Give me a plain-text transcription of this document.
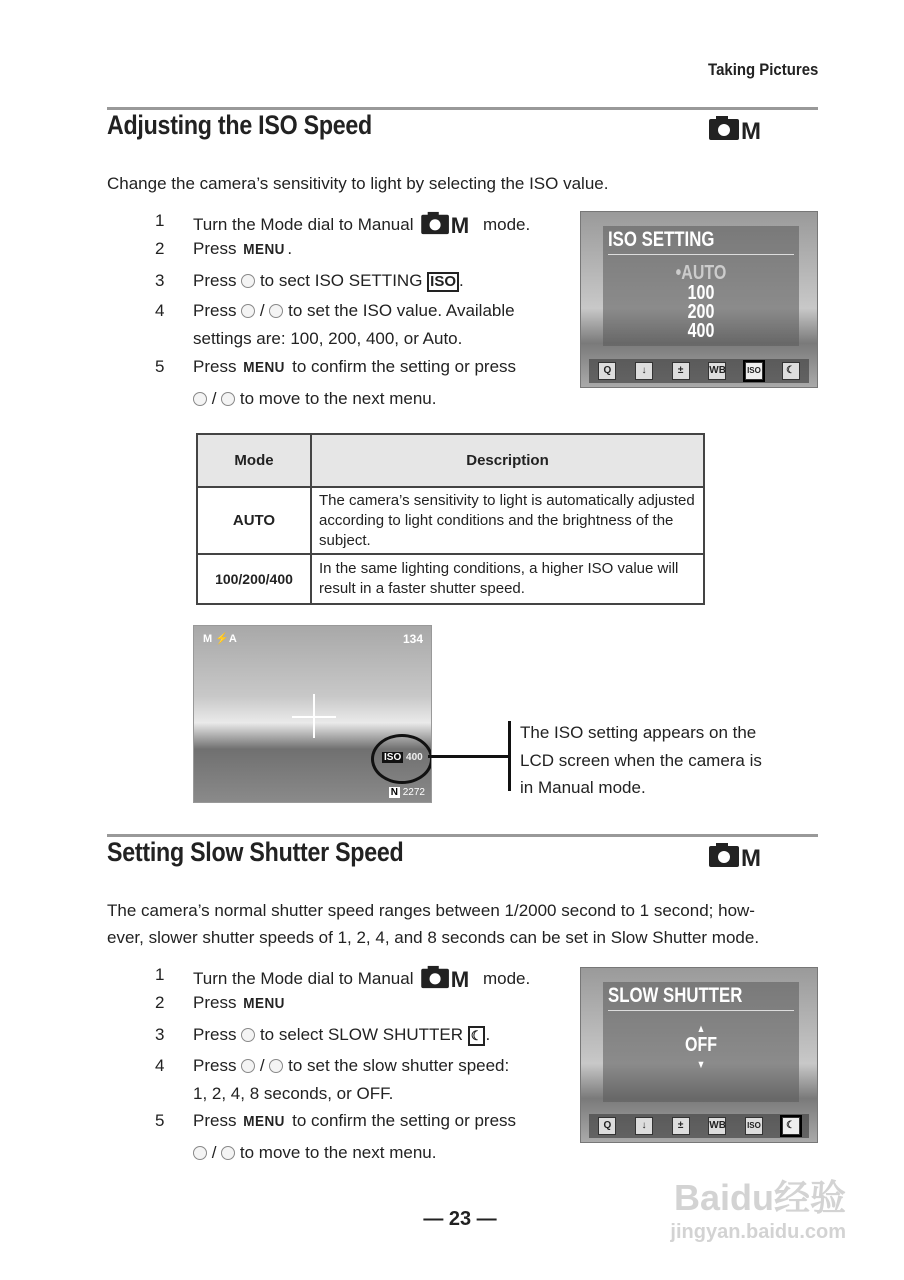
Taking Pictures
Adjusting the ISO Speed	M
Change the camera’s sensitivity to light by selecting the ISO value.
1 Turn the Mode dial to Manual M mode.
2 Press MENU .
3 Press to sect ISO SETTING ISO .
4 Press  /  to set the ISO value. Available
settings are: 100, 200, 400, or Auto.
5 Press MENU to confirm the setting or press
/  to move to the next menu.
ISO SETTING
•AUTO
100
200
400
Q	↓	±	WB	ISO	☾
Mode	Description
AUTO	The camera’s sensitivity to light is automatically adjusted according to light conditions and the brightness of the subject.
100/200/400	In the same lighting conditions, a higher ISO value will result in a faster shutter speed.
M ⚡A	134
ISO 400
N 2272
The ISO setting appears on the
LCD screen when the camera is
in Manual mode.
Setting Slow Shutter Speed	M
The camera’s normal shutter speed ranges between 1/2000 second to 1 second; how-
ever, slower shutter speeds of 1, 2, 4, and 8 seconds can be set in Slow Shutter mode.
1 Turn the Mode dial to Manual M mode.
2 Press MENU
3 Press to select SLOW SHUTTER ☾ .
4 Press  /  to set the slow shutter speed:
1, 2, 4, 8 seconds, or OFF.
5 Press MENU to confirm the setting or press
/  to move to the next menu.
SLOW SHUTTER
▲
OFF
▼
Q	↓	±	WB	ISO	☾
— 23 —
Baidu经验
jingyan.baidu.com
